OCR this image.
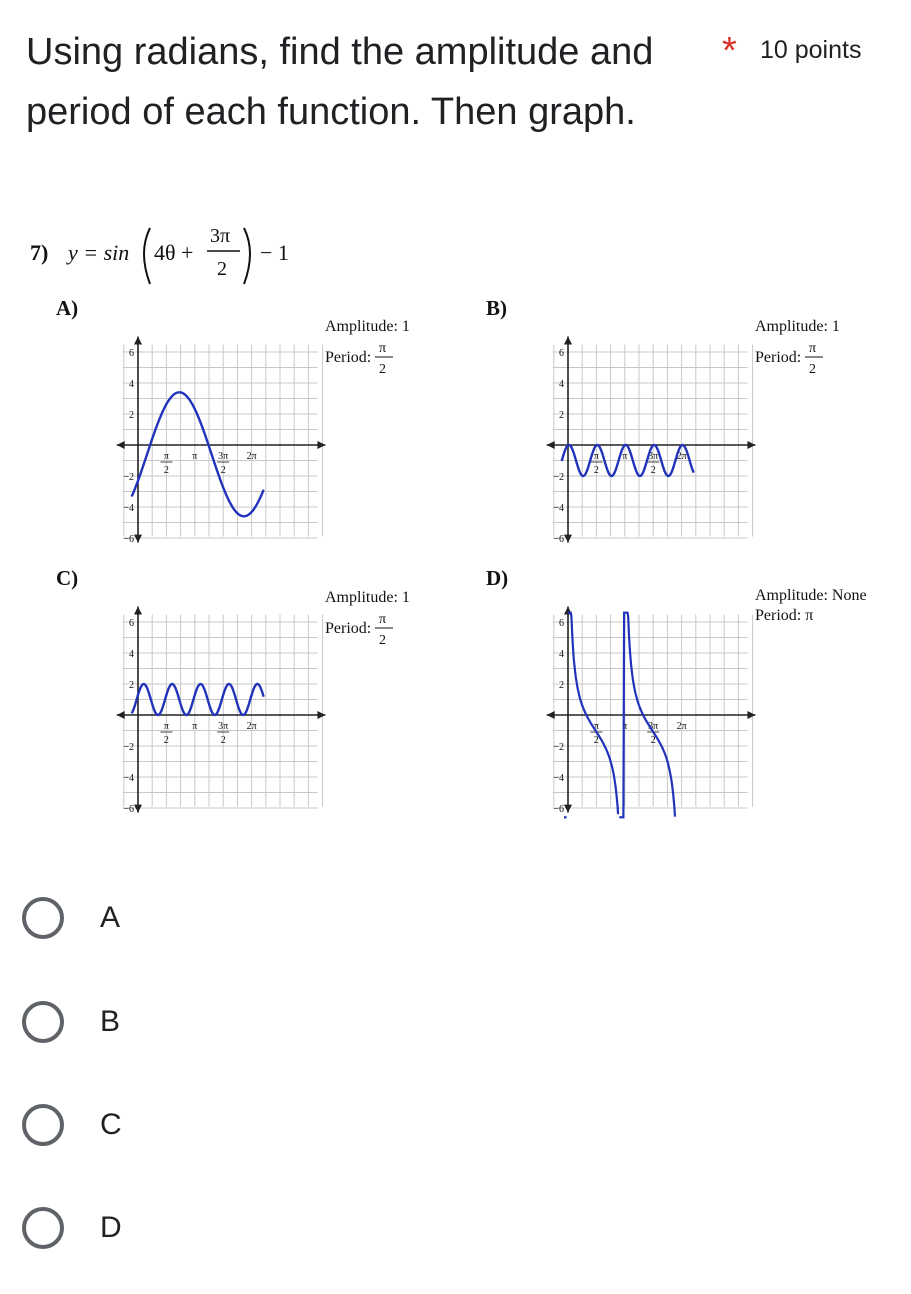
Using radians, find the amplitude and
period of each function. Then graph.
* 10 points
7) y = sin 4θ +
3π
2
− 1
A)	B)
C)	D)
Amplitude: 1
Period:
π
2
Amplitude: 1
Period:
π
2
Amplitude: 1
Period:
π
2
Amplitude: None
Period: π
6
4
2
−2
−4
−6
π
2
π 3π
2
2π
6
4
2
−2
−4
−6
π
2
π 3π
2
2π
6
4
2
−2
−4
−6
π
2
π 3π
2
2π
6
4
2
−2
−4
−6
π
2
π 3π
2
2π
A
B
C
D
